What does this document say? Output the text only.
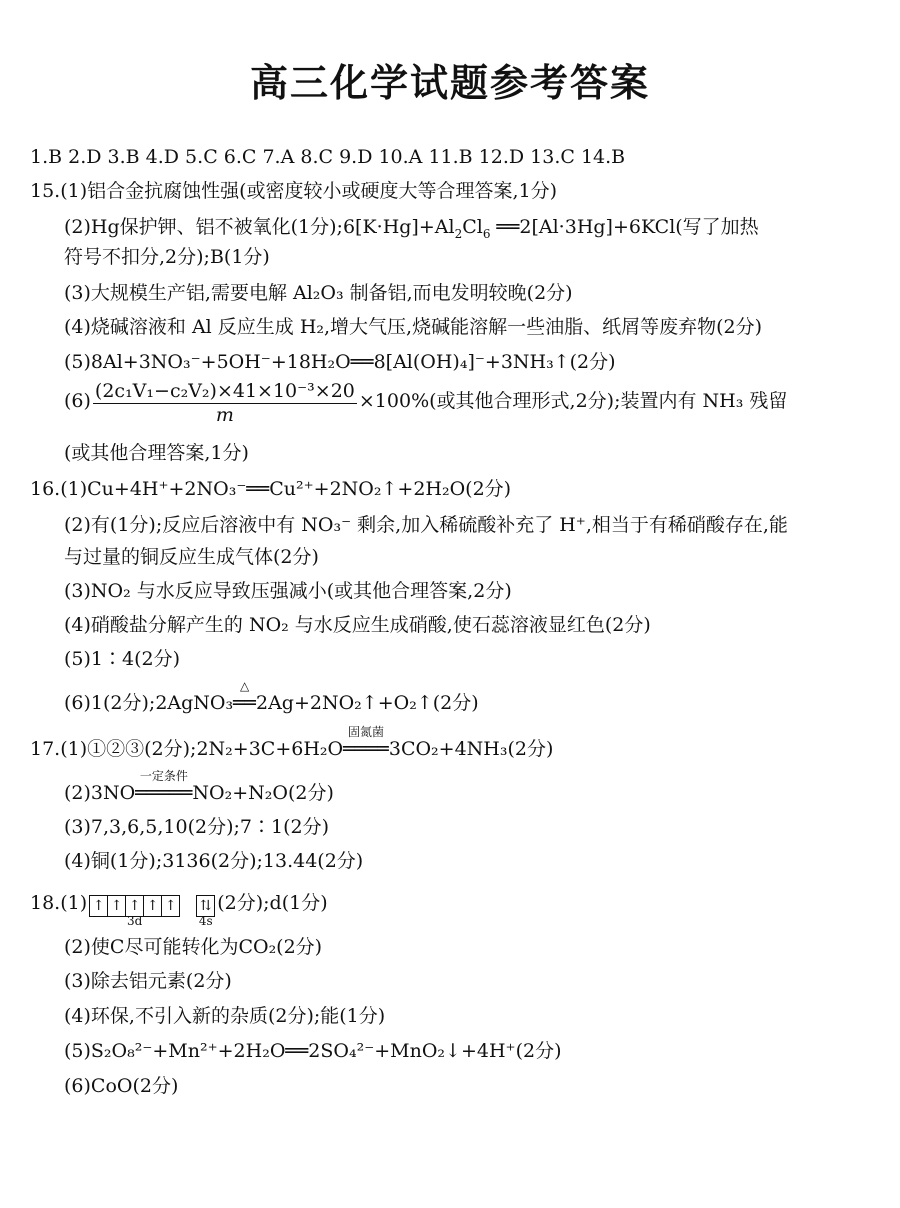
高三化学试题参考答案
1.B 2.D 3.B 4.D 5.C 6.C 7.A 8.C 9.D 10.A 11.B 12.D 13.C 14.B
15.(1)铝合金抗腐蚀性强(或密度较小或硬度大等合理答案,1分)
(2)Hg保护钾、铝不被氧化(1分)$;6[K\cdot Hg]+Al_2Cl_6$ ══2[Al·3Hg]+6KCl(写了加热
符号不扣分,2分);B(1分)
(3)大规模生产铝,需要电解 Al₂O₃ 制备铝,而电发明较晚(2分)
(4)烧碱溶液和 Al 反应生成 H₂,增大气压,烧碱能溶解一些油脂、纸屑等废弃物(2分)
(5)8Al+3NO₃⁻+5OH⁻+18H₂O══8[Al(OH)₄]⁻+3NH₃↑(2分)
$(6) \frac{\text{(2c₁V₁−c₂V₂)×41×10⁻³×20}}{m} \times 100\%$(或其他合理形式,2分);装置内有 NH₃ 残留
(或其他合理答案,1分)
16.(1)Cu+4H⁺+2NO₃⁻══Cu²⁺+2NO₂↑+2H₂O(2分)
(2)有(1分);反应后溶液中有 NO₃⁻ 剩余,加入稀硫酸补充了 H⁺,相当于有稀硝酸存在,能
与过量的铜反应生成气体(2分)
(3)NO₂ 与水反应导致压强减小(或其他合理答案,2分)
(4)硝酸盐分解产生的 NO₂ 与水反应生成硝酸,使石蕊溶液显红色(2分)
(5)1∶4(2分)
(6)1(2分);2AgNO₃
△
══2Ag+2NO₂↑+O₂↑(2分)
17.(1)①②③(2分);2N₂+3C+6H₂O
固氮菌
════3CO₂+4NH₃(2分)
(2)3NO
一定条件
═════NO₂+N₂O(2分)
(3)7,3,6,5,10(2分);7∶1(2分)
(4)铜(1分);3136(2分);13.44(2分)
18.(1) ↑ ↑ ↑ ↑ ↑
3d

⇅
4s
(2分);d(1分)
(2)使C尽可能转化为CO₂(2分)
(3)除去铝元素(2分)
(4)环保,不引入新的杂质(2分);能(1分)
(5)S₂O₈²⁻+Mn²⁺+2H₂O══2SO₄²⁻+MnO₂↓+4H⁺(2分)
(6)CoO(2分)
